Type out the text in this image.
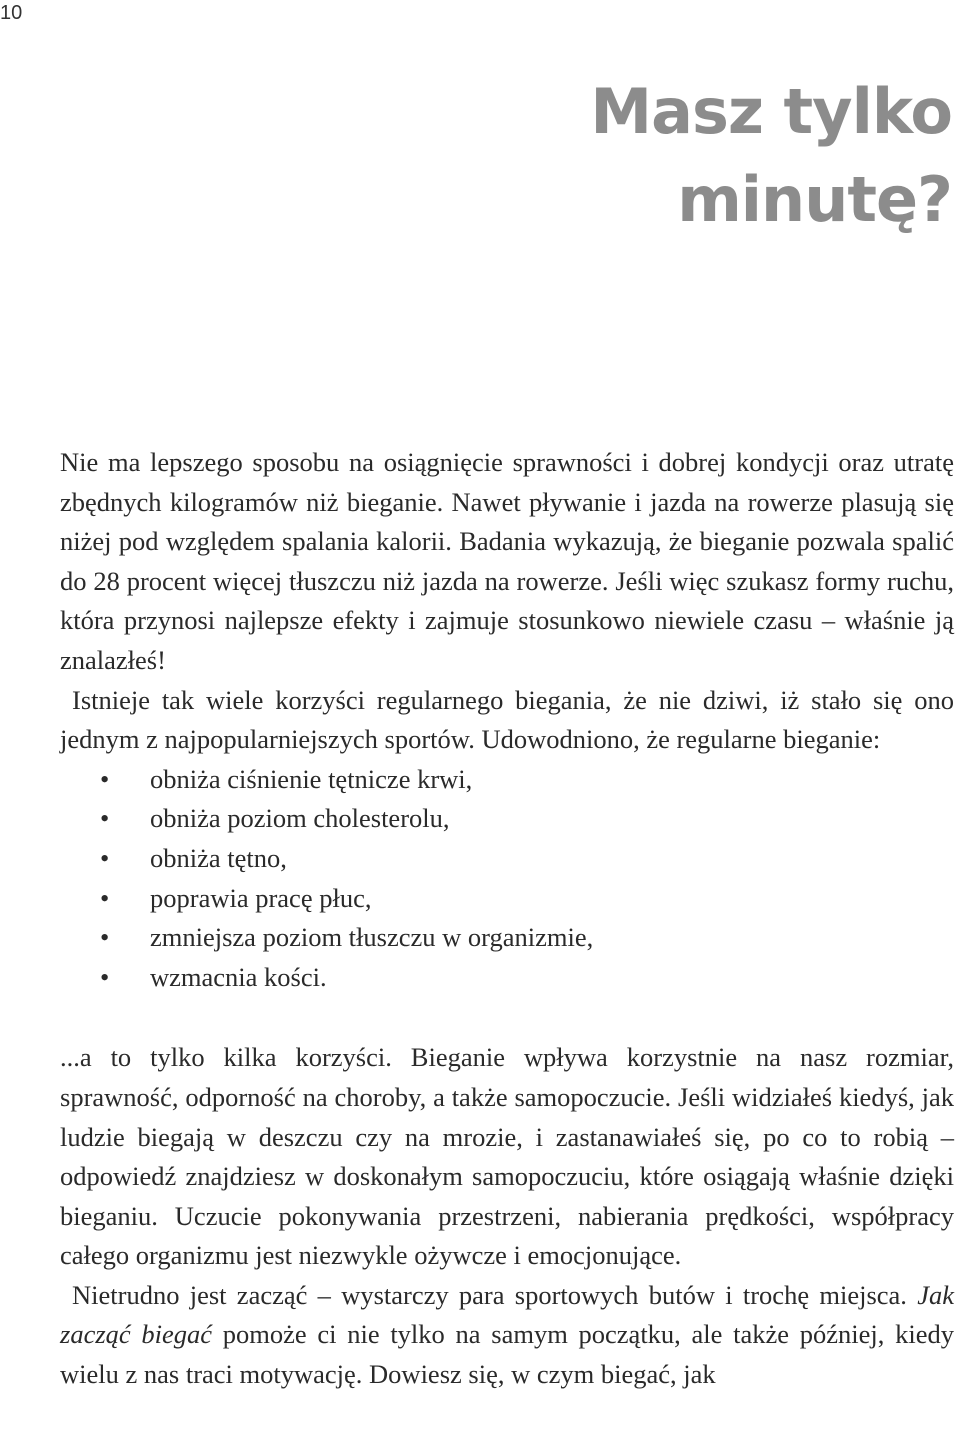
10
Masz tylko
minutę?

Nie ma lepszego sposobu na osiągnięcie sprawności i dobrej kondycji oraz utratę zbędnych kilogramów niż bieganie. Nawet pływanie i jazda na rowerze plasują się niżej pod względem spalania kalorii. Badania wykazują, że bieganie pozwala spalić do 28 procent więcej tłuszczu niż jazda na rowerze. Jeśli więc szukasz formy ruchu, która przynosi najlepsze efekty i zajmuje stosunkowo niewiele czasu – właśnie ją znalazłeś!

Istnieje tak wiele korzyści regularnego biegania, że nie dziwi, iż stało się ono jednym z najpopularniejszych sportów. Udowodniono, że regularne bieganie:

• obniża ciśnienie tętnicze krwi,
• obniża poziom cholesterolu,
• obniża tętno,
• poprawia pracę płuc,
• zmniejsza poziom tłuszczu w organizmie,
• wzmacnia kości.

...a to tylko kilka korzyści. Bieganie wpływa korzystnie na nasz rozmiar, sprawność, odporność na choroby, a także samopoczucie. Jeśli widziałeś kiedyś, jak ludzie biegają w deszczu czy na mrozie, i zastanawiałeś się, po co to robią – odpowiedź znajdziesz w doskonałym samopoczuciu, które osiągają właśnie dzięki bieganiu. Uczucie pokonywania przestrzeni, nabierania prędkości, współpracy całego organizmu jest niezwykle ożywcze i emocjonujące.

Nietrudno jest zacząć – wystarczy para sportowych butów i trochę miejsca. Jak zacząć biegać pomoże ci nie tylko na samym początku, ale także później, kiedy wielu z nas traci motywację. Dowiesz się, w czym biegać, jak
